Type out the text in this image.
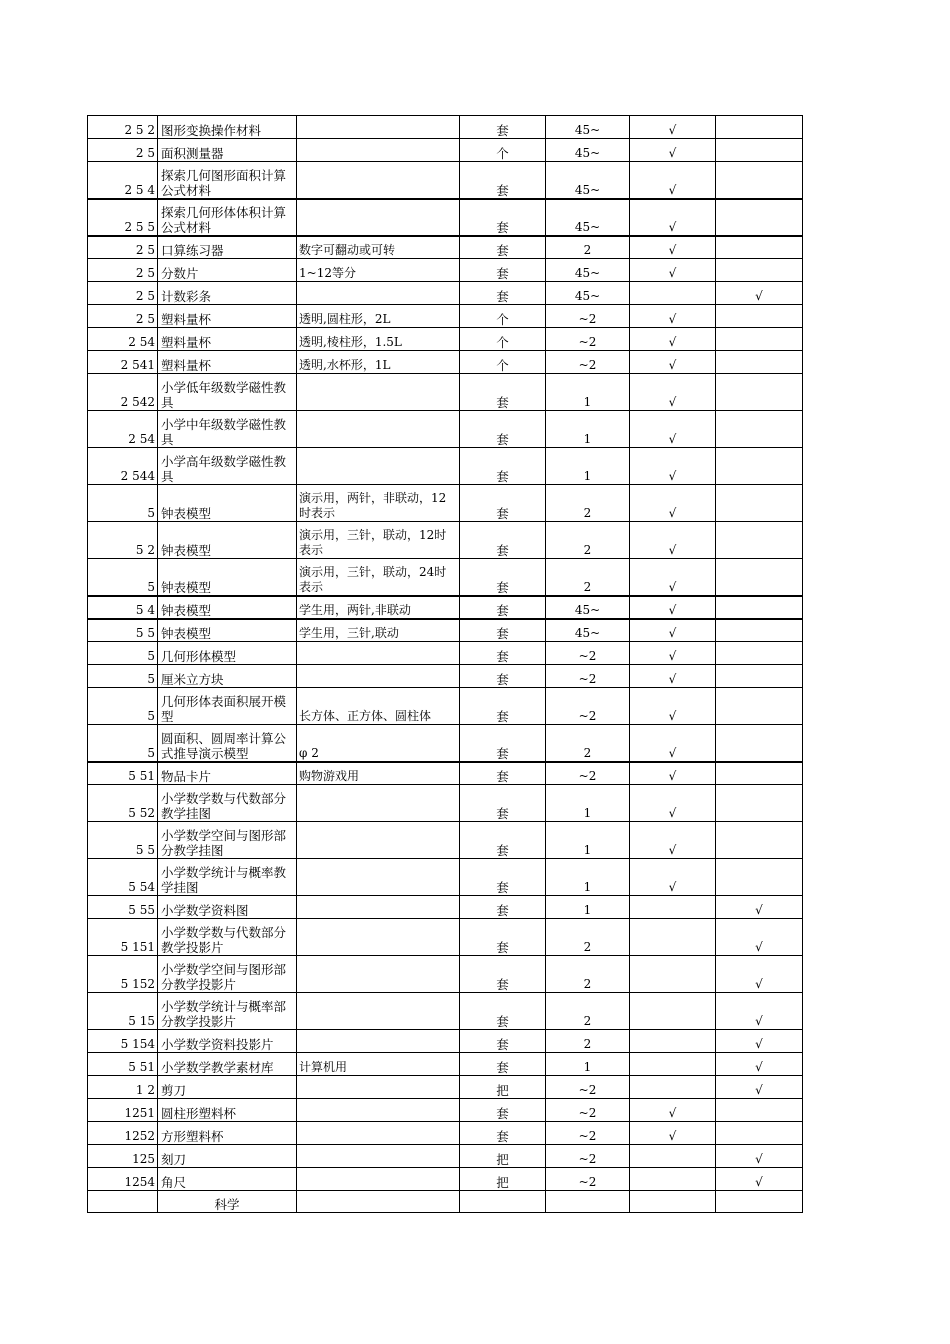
2 5 2	图形变换操作材料		套	45~	√	
2 5	面积测量器		个	45~	√	
2 5 4	探索几何图形面积计算公式材料		套	45~	√	
2 5 5	探索几何形体体积计算公式材料		套	45~	√	
2 5	口算练习器	数字可翻动或可转	套	2	√	
2 5	分数片	1~12等分	套	45~	√	
2 5	计数彩条		套	45~		√
2 5	塑料量杯	透明,圆柱形，2L	个	~2	√	
2 54	塑料量杯	透明,棱柱形，1.5L	个	~2	√	
2 541	塑料量杯	透明,水杯形，1L	个	~2	√	
2 542	小学低年级数学磁性教具		套	1	√	
2 54	小学中年级数学磁性教具		套	1	√	
2 544	小学高年级数学磁性教具		套	1	√	
5	钟表模型	演示用，两针，非联动，12时表示	套	2	√	
5 2	钟表模型	演示用，三针，联动，12时表示	套	2	√	
5	钟表模型	演示用，三针，联动，24时表示	套	2	√	
5 4	钟表模型	学生用，两针,非联动	套	45~	√	
5 5	钟表模型	学生用，三针,联动	套	45~	√	
5	几何形体模型		套	~2	√	
5	厘米立方块		套	~2	√	
5	几何形体表面积展开模型	长方体、正方体、圆柱体	套	~2	√	
5	圆面积、圆周率计算公式推导演示模型	φ 2	套	2	√	
5 51	物品卡片	购物游戏用	套	~2	√	
5 52	小学数学数与代数部分教学挂图		套	1	√	
5 5	小学数学空间与图形部分教学挂图		套	1	√	
5 54	小学数学统计与概率教学挂图		套	1	√	
5 55	小学数学资料图		套	1		√
5 151	小学数学数与代数部分教学投影片		套	2		√
5 152	小学数学空间与图形部分教学投影片		套	2		√
5 15	小学数学统计与概率部分教学投影片		套	2		√
5 154	小学数学资料投影片		套	2		√
5 51	小学数学教学素材库	计算机用	套	1		√
1 2	剪刀		把	~2		√
1251	圆柱形塑料杯		套	~2	√	
1252	方形塑料杯		套	~2	√	
125	刻刀		把	~2		√
1254	角尺		把	~2		√
	科学					
